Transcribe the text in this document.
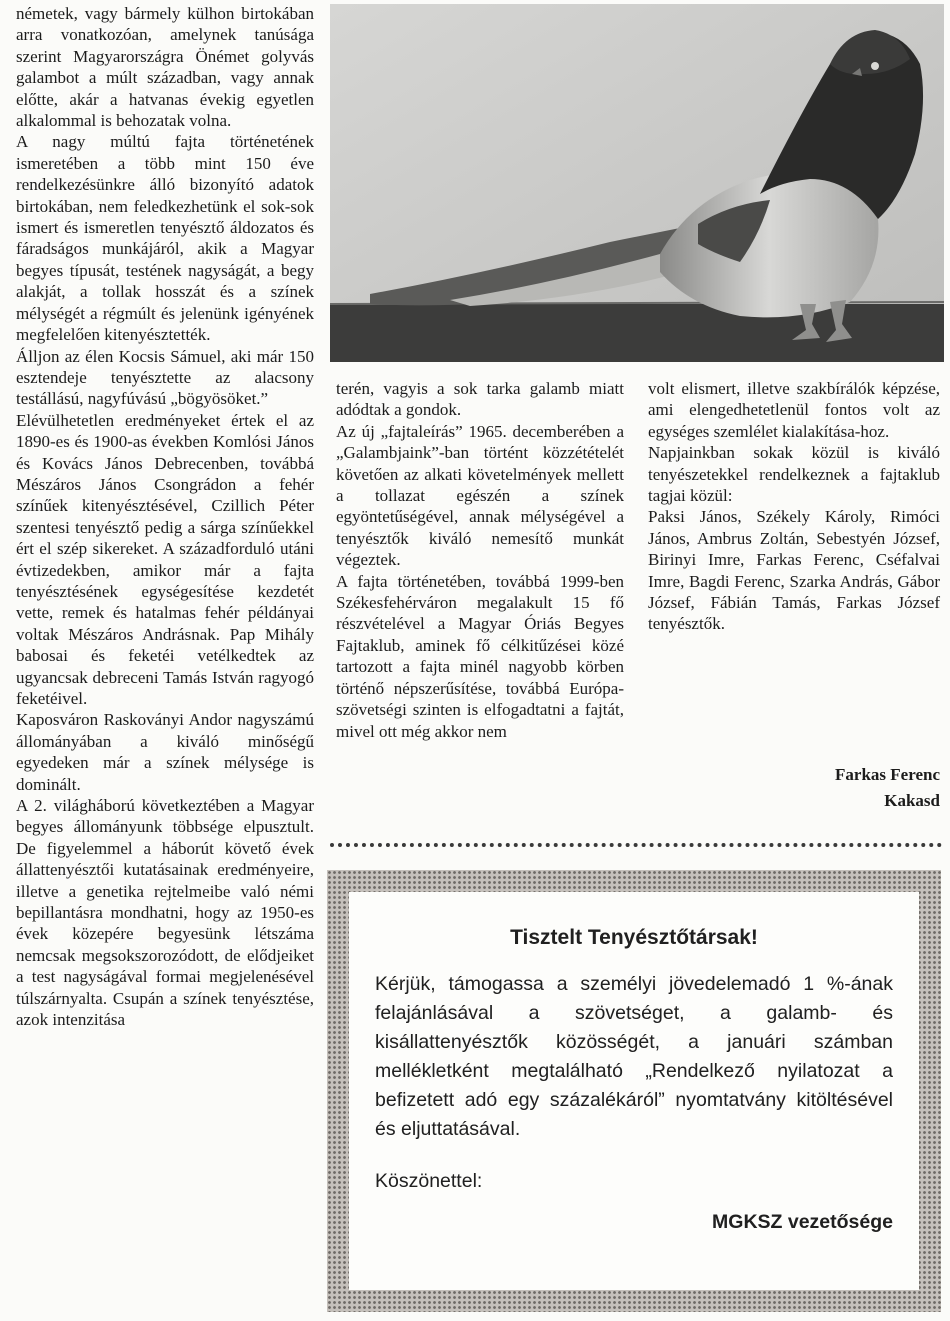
németek, vagy bármely külhon birtokában arra vonatkozóan, amelynek tanúsága szerint Magyarországra Önémet golyvás galambot a múlt században, vagy annak előtte, akár a hatvanas évekig egyetlen alkalommal is behozatak volna.

A nagy múltú fajta történetének ismeretében a több mint 150 éve rendelkezésünkre álló bizonyító adatok birtokában, nem feledkezhetünk el sok-sok ismert és ismeretlen tenyésztő áldozatos és fáradságos munkájáról, akik a Magyar begyes típusát, testének nagyságát, a begy alakját, a tollak hosszát és a színek mélységét a régmúlt és jelenünk igényének megfelelően kitenyésztették.

Álljon az élen Kocsis Sámuel, aki már 150 esztendeje tenyésztette az alacsony testállású, nagyfúvású „bögyösöket.”

Elévülhetetlen eredményeket értek el az 1890-es és 1900-as években Komlósi János és Kovács János Debrecenben, továbbá Mészáros János Csongrádon a fehér színűek kitenyésztésével, Czillich Péter szentesi tenyésztő pedig a sárga színűekkel ért el szép sikereket. A századforduló utáni évtizedekben, amikor már a fajta tenyésztésének egységesítése kezdetét vette, remek és hatalmas fehér példányai voltak Mészáros Andrásnak. Pap Mihály babosai és feketéi vetélkedtek az ugyancsak debreceni Tamás István ragyogó feketéivel.

Kaposváron Raskoványi Andor nagyszámú állományában a kiváló minőségű egyedeken már a színek mélysége is dominált.

A 2. világháború következtében a Magyar begyes állományunk többsége elpusztult. De figyelemmel a háborút követő évek állattenyésztői kutatásainak eredményeire, illetve a genetika rejtelmeibe való némi bepillantásra mondhatni, hogy az 1950-es évek közepére begyesünk létszáma nemcsak megsokszorozódott, de elődjeiket a test nagyságával formai megjelenésével túlszárnyalta. Csupán a színek tenyésztése, azok intenzitása

terén, vagyis a sok tarka galamb miatt adódtak a gondok.

Az új „fajtaleírás” 1965. decemberében a „Galambjaink”-ban történt közzétételét követően az alkati követelmények mellett a tollazat egészén a színek egyöntetűségével, annak mélységével a tenyésztők kiváló nemesítő munkát végeztek.

A fajta történetében, továbbá 1999-ben Székesfehérváron megalakult 15 fő részvételével a Magyar Óriás Begyes Fajtaklub, aminek fő célkitűzései közé tartozott a fajta minél nagyobb körben történő népszerűsítése, továbbá Európa-szövetségi szinten is elfogadtatni a fajtát, mivel ott még akkor nem

volt elismert, illetve szakbírálók képzése, ami elengedhetetlenül fontos volt az egységes szemlélet kialakítása-hoz.

Napjainkban sokak közül is kiváló tenyészetekkel rendelkeznek a fajtaklub tagjai közül:

Paksi János, Székely Károly, Rimóci János, Ambrus Zoltán, Sebestyén József, Birinyi Imre, Farkas Ferenc, Cséfalvai Imre, Bagdi Ferenc, Szarka András, Gábor József, Fábián Tamás, Farkas József tenyésztők.

Farkas Ferenc
Kakasd
Tisztelt Tenyésztőtársak!

Kérjük, támogassa a személyi jövedelemadó 1 %-ának felajánlásával a szövetséget, a galamb- és kisállattenyésztők közösségét, a januári számban mellékletként megtalálható „Rendelkező nyilatozat a befizetett adó egy százalékáról” nyomtatvány kitöltésével és eljuttatásával.

Köszönettel:

MGKSZ vezetősége
